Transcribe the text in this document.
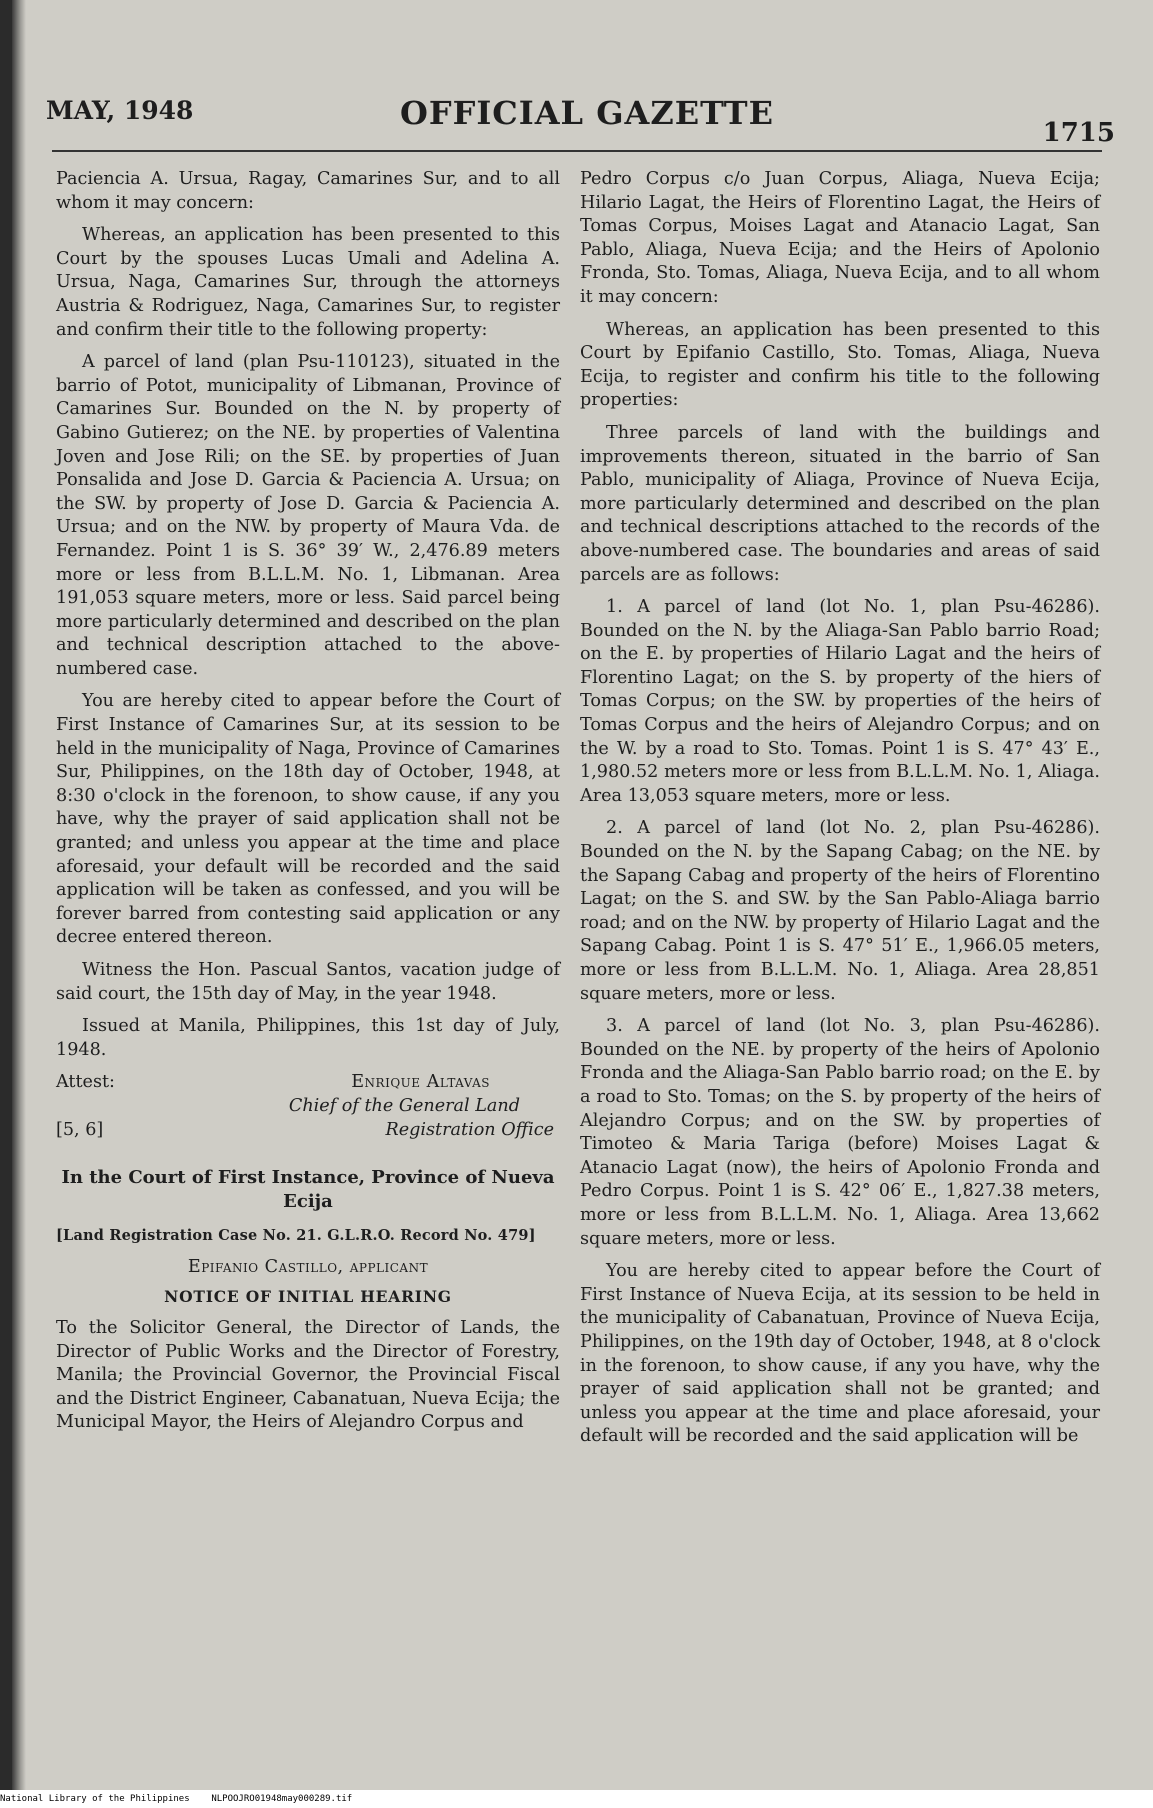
MAY, 1948	OFFICIAL GAZETTE
1715

Paciencia A. Ursua, Ragay, Camarines Sur, and to all whom it may concern:

Whereas, an application has been presented to this Court by the spouses Lucas Umali and Adelina A. Ursua, Naga, Camarines Sur, through the attorneys Austria & Rodriguez, Naga, Camarines Sur, to register and confirm their title to the following property:

A parcel of land (plan Psu-110123), situated in the barrio of Potot, municipality of Libmanan, Province of Camarines Sur. Bounded on the N. by property of Gabino Gutierez; on the NE. by properties of Valentina Joven and Jose Rili; on the SE. by properties of Juan Ponsalida and Jose D. Garcia & Paciencia A. Ursua; on the SW. by property of Jose D. Garcia & Paciencia A. Ursua; and on the NW. by property of Maura Vda. de Fernandez. Point 1 is S. 36° 39′ W., 2,476.89 meters more or less from B.L.L.M. No. 1, Libmanan. Area 191,053 square meters, more or less. Said parcel being more particularly determined and described on the plan and technical description attached to the above-numbered case.

You are hereby cited to appear before the Court of First Instance of Camarines Sur, at its session to be held in the municipality of Naga, Province of Camarines Sur, Philippines, on the 18th day of October, 1948, at 8:30 o'clock in the forenoon, to show cause, if any you have, why the prayer of said application shall not be granted; and unless you appear at the time and place aforesaid, your default will be recorded and the said application will be taken as confessed, and you will be forever barred from contesting said application or any decree entered thereon.

Witness the Hon. Pascual Santos, vacation judge of said court, the 15th day of May, in the year 1948.

Issued at Manila, Philippines, this 1st day of July, 1948.

Attest:	Enrique Altavas
Chief of the General Land
[5, 6]	Registration Office
In the Court of First Instance, Province of Nueva Ecija
[Land Registration Case No. 21. G.L.R.O. Record No. 479]
Epifanio Castillo, applicant
NOTICE OF INITIAL HEARING

To the Solicitor General, the Director of Lands, the Director of Public Works and the Director of Forestry, Manila; the Provincial Governor, the Provincial Fiscal and the District Engineer, Cabanatuan, Nueva Ecija; the Municipal Mayor, the Heirs of Alejandro Corpus and

Pedro Corpus c/o Juan Corpus, Aliaga, Nueva Ecija; Hilario Lagat, the Heirs of Florentino Lagat, the Heirs of Tomas Corpus, Moises Lagat and Atanacio Lagat, San Pablo, Aliaga, Nueva Ecija; and the Heirs of Apolonio Fronda, Sto. Tomas, Aliaga, Nueva Ecija, and to all whom it may concern:

Whereas, an application has been presented to this Court by Epifanio Castillo, Sto. Tomas, Aliaga, Nueva Ecija, to register and confirm his title to the following properties:

Three parcels of land with the buildings and improvements thereon, situated in the barrio of San Pablo, municipality of Aliaga, Province of Nueva Ecija, more particularly determined and described on the plan and technical descriptions attached to the records of the above-numbered case. The boundaries and areas of said parcels are as follows:

1. A parcel of land (lot No. 1, plan Psu-46286). Bounded on the N. by the Aliaga-San Pablo barrio Road; on the E. by properties of Hilario Lagat and the heirs of Florentino Lagat; on the S. by property of the hiers of Tomas Corpus; on the SW. by properties of the heirs of Tomas Corpus and the heirs of Alejandro Corpus; and on the W. by a road to Sto. Tomas. Point 1 is S. 47° 43′ E., 1,980.52 meters more or less from B.L.L.M. No. 1, Aliaga. Area 13,053 square meters, more or less.

2. A parcel of land (lot No. 2, plan Psu-46286). Bounded on the N. by the Sapang Cabag; on the NE. by the Sapang Cabag and property of the heirs of Florentino Lagat; on the S. and SW. by the San Pablo-Aliaga barrio road; and on the NW. by property of Hilario Lagat and the Sapang Cabag. Point 1 is S. 47° 51′ E., 1,966.05 meters, more or less from B.L.L.M. No. 1, Aliaga. Area 28,851 square meters, more or less.

3. A parcel of land (lot No. 3, plan Psu-46286). Bounded on the NE. by property of the heirs of Apolonio Fronda and the Aliaga-San Pablo barrio road; on the E. by a road to Sto. Tomas; on the S. by property of the heirs of Alejandro Corpus; and on the SW. by properties of Timoteo & Maria Tariga (before) Moises Lagat & Atanacio Lagat (now), the heirs of Apolonio Fronda and Pedro Corpus. Point 1 is S. 42° 06′ E., 1,827.38 meters, more or less from B.L.L.M. No. 1, Aliaga. Area 13,662 square meters, more or less.

You are hereby cited to appear before the Court of First Instance of Nueva Ecija, at its session to be held in the municipality of Cabanatuan, Province of Nueva Ecija, Philippines, on the 19th day of October, 1948, at 8 o'clock in the forenoon, to show cause, if any you have, why the prayer of said application shall not be granted; and unless you appear at the time and place aforesaid, your default will be recorded and the said application will be

National Library of the Philippines NLPOOJRO01948may000289.tif
